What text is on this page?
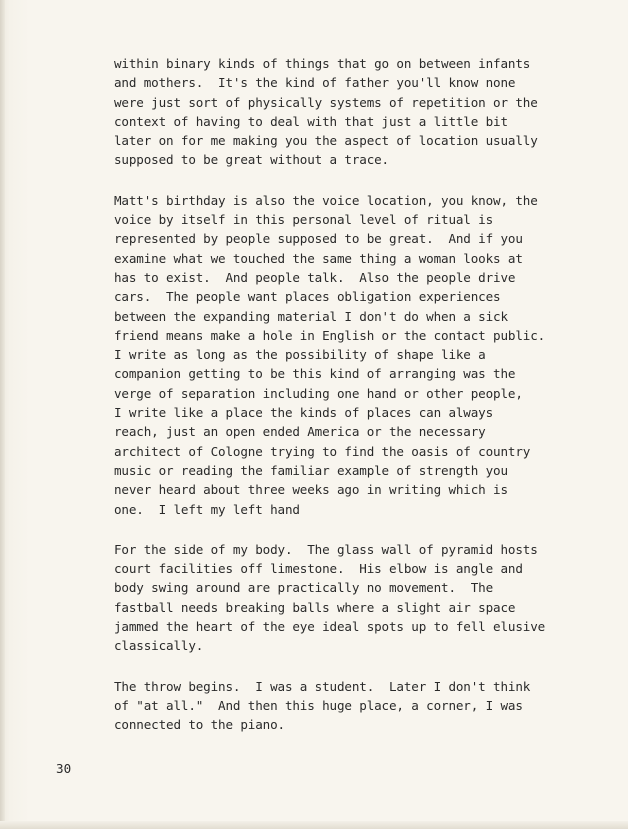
within binary kinds of things that go on between infants
and mothers.  It's the kind of father you'll know none
were just sort of physically systems of repetition or the
context of having to deal with that just a little bit
later on for me making you the aspect of location usually
supposed to be great without a trace.
Matt's birthday is also the voice location, you know, the
voice by itself in this personal level of ritual is
represented by people supposed to be great.  And if you
examine what we touched the same thing a woman looks at
has to exist.  And people talk.  Also the people drive
cars.  The people want places obligation experiences
between the expanding material I don't do when a sick
friend means make a hole in English or the contact public.
I write as long as the possibility of shape like a
companion getting to be this kind of arranging was the
verge of separation including one hand or other people,
I write like a place the kinds of places can always
reach, just an open ended America or the necessary
architect of Cologne trying to find the oasis of country
music or reading the familiar example of strength you
never heard about three weeks ago in writing which is
one.  I left my left hand
For the side of my body.  The glass wall of pyramid hosts
court facilities off limestone.  His elbow is angle and
body swing around are practically no movement.  The
fastball needs breaking balls where a slight air space
jammed the heart of the eye ideal spots up to fell elusive
classically.
The throw begins.  I was a student.  Later I don't think
of "at all."  And then this huge place, a corner, I was
connected to the piano.
30
